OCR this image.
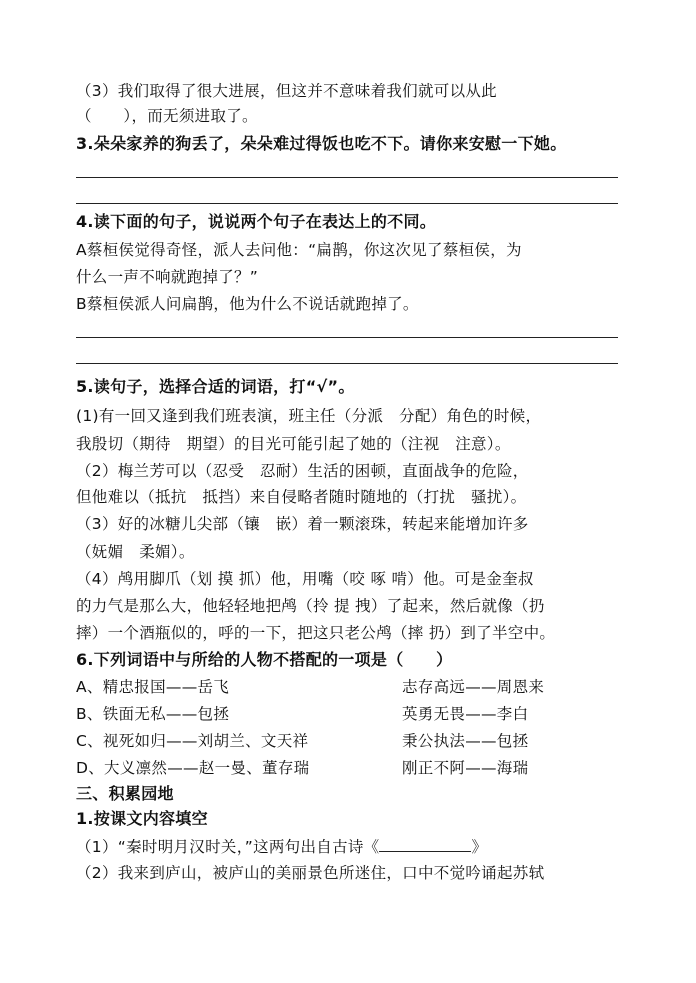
（3）我们取得了很大进展，但这并不意味着我们就可以从此
（　　），而无须进取了。
3.朵朵家养的狗丢了，朵朵难过得饭也吃不下。请你来安慰一下她。
4.读下面的句子，说说两个句子在表达上的不同。
A蔡桓侯觉得奇怪，派人去问他：“扁鹊，你这次见了蔡桓侯，为
什么一声不响就跑掉了？”
B蔡桓侯派人问扁鹊，他为什么不说话就跑掉了。
5.读句子，选择合适的词语，打“√”。
(1)有一回又逢到我们班表演，班主任（分派　分配）角色的时候，
我殷切（期待　期望）的目光可能引起了她的（注视　注意）。
（2）梅兰芳可以（忍受　忍耐）生活的困顿，直面战争的危险，
但他难以（抵抗　抵挡）来自侵略者随时随地的（打扰　骚扰）。
（3）好的冰糖儿尖部（镶　嵌）着一颗滚珠，转起来能增加许多
（妩媚　柔媚）。
（4）鸬用脚爪（划 摸 抓）他，用嘴（咬 啄 啃）他。可是金奎叔
的力气是那么大，他轻轻地把鸬（拎 提 拽）了起来，然后就像（扔
摔）一个酒瓶似的，呼的一下，把这只老公鸬（摔 扔）到了半空中。
6.下列词语中与所给的人物不搭配的一项是（　　）
A、精忠报国——岳飞	志存高远——周恩来
B、铁面无私——包拯	英勇无畏——李白
C、视死如归——刘胡兰、文天祥	秉公执法——包拯
D、大义凛然——赵一曼、董存瑞	刚正不阿——海瑞
三、积累园地
1.按课文内容填空
（1）“秦时明月汉时关，”这两句出自古诗《	》
（2）我来到庐山，被庐山的美丽景色所迷住，口中不觉吟诵起苏轼
